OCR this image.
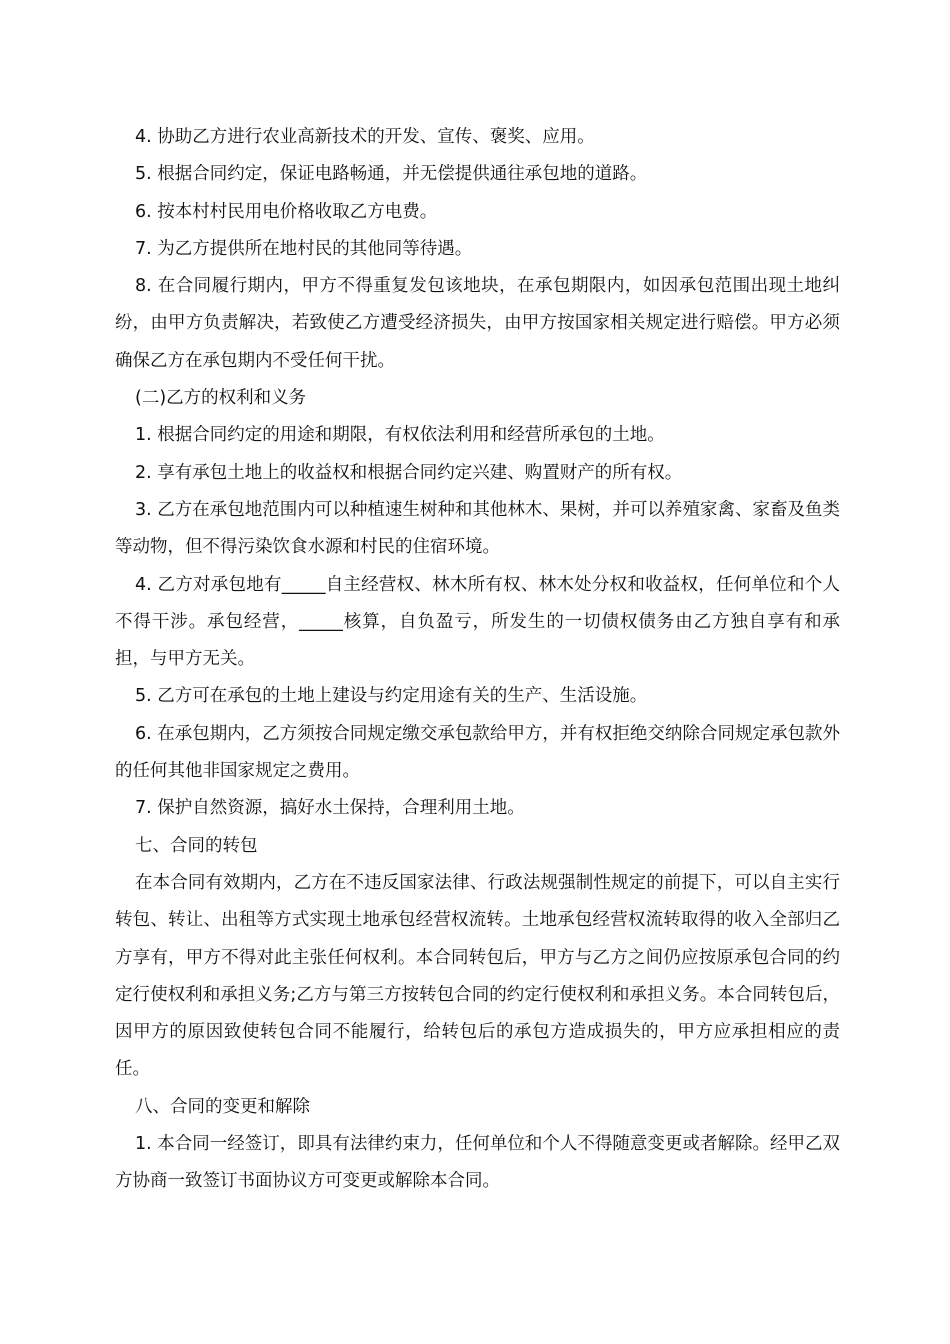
4. 协助乙方进行农业高新技术的开发、宣传、褒奖、应用。

5. 根据合同约定，保证电路畅通，并无偿提供通往承包地的道路。

6. 按本村村民用电价格收取乙方电费。

7. 为乙方提供所在地村民的其他同等待遇。

8. 在合同履行期内，甲方不得重复发包该地块，在承包期限内，如因承包范围出现土地纠纷，由甲方负责解决，若致使乙方遭受经济损失，由甲方按国家相关规定进行赔偿。甲方必须确保乙方在承包期内不受任何干扰。

(二)乙方的权利和义务

1. 根据合同约定的用途和期限，有权依法利用和经营所承包的土地。

2. 享有承包土地上的收益权和根据合同约定兴建、购置财产的所有权。

3. 乙方在承包地范围内可以种植速生树种和其他林木、果树，并可以养殖家禽、家畜及鱼类等动物，但不得污染饮食水源和村民的住宿环境。

4. 乙方对承包地有_____自主经营权、林木所有权、林木处分权和收益权，任何单位和个人不得干涉。承包经营，_____核算，自负盈亏，所发生的一切债权债务由乙方独自享有和承担，与甲方无关。

5. 乙方可在承包的土地上建设与约定用途有关的生产、生活设施。

6. 在承包期内，乙方须按合同规定缴交承包款给甲方，并有权拒绝交纳除合同规定承包款外的任何其他非国家规定之费用。

7. 保护自然资源，搞好水土保持，合理利用土地。

七、合同的转包

在本合同有效期内，乙方在不违反国家法律、行政法规强制性规定的前提下，可以自主实行转包、转让、出租等方式实现土地承包经营权流转。土地承包经营权流转取得的收入全部归乙方享有，甲方不得对此主张任何权利。本合同转包后，甲方与乙方之间仍应按原承包合同的约定行使权利和承担义务;乙方与第三方按转包合同的约定行使权利和承担义务。本合同转包后，因甲方的原因致使转包合同不能履行，给转包后的承包方造成损失的，甲方应承担相应的责任。

八、合同的变更和解除

1. 本合同一经签订，即具有法律约束力，任何单位和个人不得随意变更或者解除。经甲乙双方协商一致签订书面协议方可变更或解除本合同。
